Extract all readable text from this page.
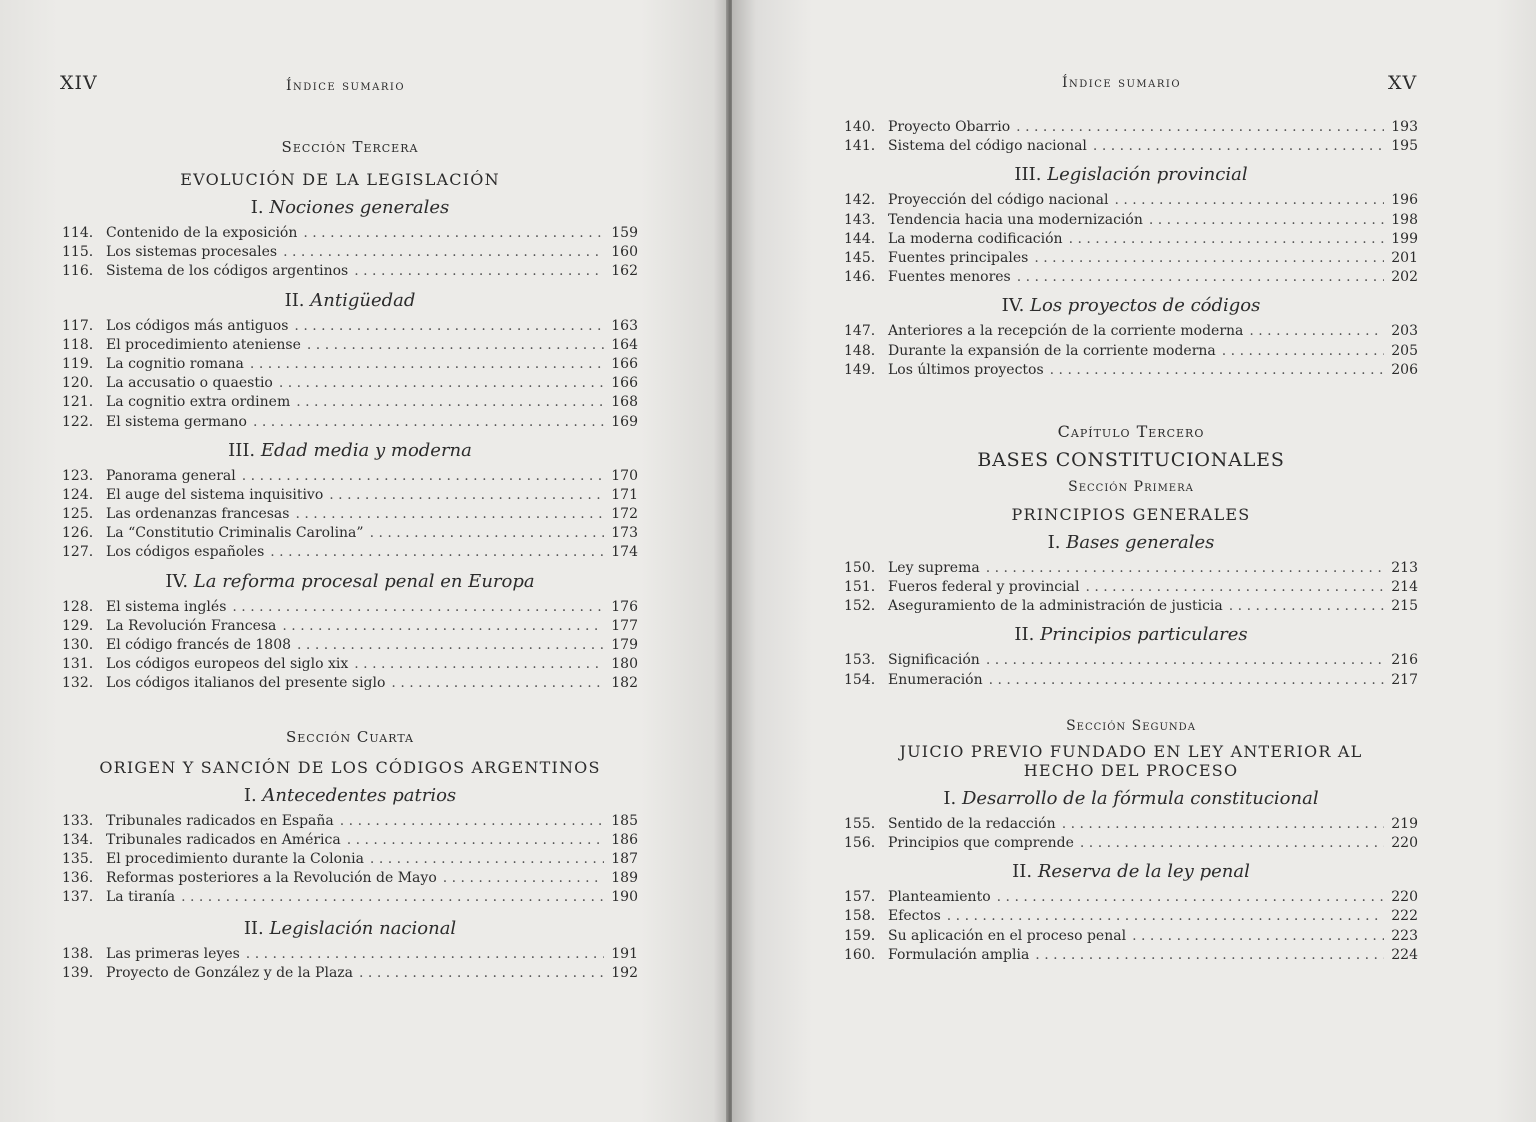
XIV	Índice sumario
Sección Tercera
EVOLUCIÓN DE LA LEGISLACIÓN
I. Nociones generales
114. Contenido de la exposición . . .	159
115. Los sistemas procesales . . .	160
116. Sistema de los códigos argentinos . . .	162
II. Antigüedad
117. Los códigos más antiguos . . .	163
118. El procedimiento ateniense . . .	164
119. La cognitio romana . . .	166
120. La accusatio o quaestio . . .	166
121. La cognitio extra ordinem . . .	168
122. El sistema germano . . .	169
III. Edad media y moderna
123. Panorama general . . .	170
124. El auge del sistema inquisitivo . . .	171
125. Las ordenanzas francesas . . .	172
126. La “Constitutio Criminalis Carolina” . . .	173
127. Los códigos españoles . . .	174
IV. La reforma procesal penal en Europa
128. El sistema inglés . . .	176
129. La Revolución Francesa . . .	177
130. El código francés de 1808 . . .	179
131. Los códigos europeos del siglo xix . . .	180
132. Los códigos italianos del presente siglo . . .	182
Sección Cuarta
ORIGEN Y SANCIÓN DE LOS CÓDIGOS ARGENTINOS
I. Antecedentes patrios
133. Tribunales radicados en España . . .	185
134. Tribunales radicados en América . . .	186
135. El procedimiento durante la Colonia . . .	187
136. Reformas posteriores a la Revolución de Mayo . . .	189
137. La tiranía . . .	190
II. Legislación nacional
138. Las primeras leyes . . .	191
139. Proyecto de González y de la Plaza . . .	192
Índice sumario	XV
140. Proyecto Obarrio . . .	193
141. Sistema del código nacional . . .	195
III. Legislación provincial
142. Proyección del código nacional . . .	196
143. Tendencia hacia una modernización . . .	198
144. La moderna codificación . . .	199
145. Fuentes principales . . .	201
146. Fuentes menores . . .	202
IV. Los proyectos de códigos
147. Anteriores a la recepción de la corriente moderna . . .	203
148. Durante la expansión de la corriente moderna . . .	205
149. Los últimos proyectos . . .	206
Capítulo Tercero
BASES CONSTITUCIONALES
Sección Primera
PRINCIPIOS GENERALES
I. Bases generales
150. Ley suprema . . .	213
151. Fueros federal y provincial . . .	214
152. Aseguramiento de la administración de justicia . . .	215
II. Principios particulares
153. Significación . . .	216
154. Enumeración . . .	217
Sección Segunda
JUICIO PREVIO FUNDADO EN LEY ANTERIOR AL
HECHO DEL PROCESO
I. Desarrollo de la fórmula constitucional
155. Sentido de la redacción . . .	219
156. Principios que comprende . . .	220
II. Reserva de la ley penal
157. Planteamiento . . .	220
158. Efectos . . .	222
159. Su aplicación en el proceso penal . . .	223
160. Formulación amplia . . .	224
